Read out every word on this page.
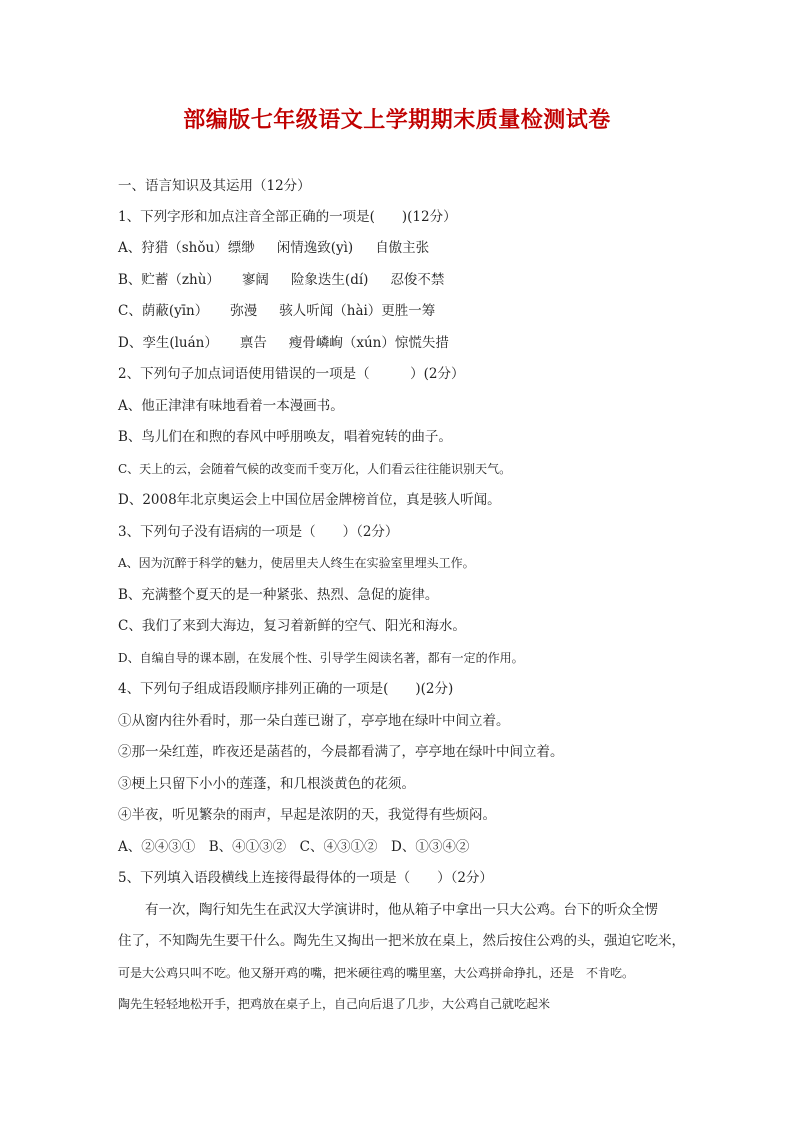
部编版七年级语文上学期期末质量检测试卷
一、语言知识及其运用（12分）
1、下列字形和加点注音全部正确的一项是(　　)(12分）
A、狩猎（shǒu）缥缈 闲情逸致(yì) 自傲主张
B、贮蓄（zhù） 寥阔 险象迭生(dí) 忍俊不禁
C、荫蔽(yīn） 弥漫 骇人听闻（hài）更胜一筹
D、孪生(luán） 禀告 瘦骨嶙峋（xún）惊慌失措
2、下列句子加点词语使用错误的一项是（　　　）(2分）
A、他正津津有味地看着一本漫画书。
B、鸟儿们在和煦的春风中呼朋唤友，唱着宛转的曲子。
C、天上的云，会随着气候的改变而千变万化，人们看云往往能识别天气。
D、2008年北京奥运会上中国位居金牌榜首位，真是骇人听闻。
3、下列句子没有语病的一项是（　　）（2分）
A、因为沉醉于科学的魅力，使居里夫人终生在实验室里埋头工作。
B、充满整个夏天的是一种紧张、热烈、急促的旋律。
C、我们了来到大海边，复习着新鲜的空气、阳光和海水。
D、自编自导的课本剧，在发展个性、引导学生阅读名著，都有一定的作用。
4、下列句子组成语段顺序排列正确的一项是(　　)(2分)
①从窗内往外看时，那一朵白莲已谢了，亭亭地在绿叶中间立着。
②那一朵红莲，昨夜还是菡萏的，今晨都看满了，亭亭地在绿叶中间立着。
③梗上只留下小小的莲蓬，和几根淡黄色的花须。
④半夜，听见繁杂的雨声，早起是浓阴的天，我觉得有些烦闷。
A、②④③①　B、④①③②　C、④③①②　D、①③④②
5、下列填入语段横线上连接得最得体的一项是（　　）（2分）
有一次，陶行知先生在武汉大学演讲时，他从箱子中拿出一只大公鸡。台下的听众全愣
住了，不知陶先生要干什么。陶先生又掏出一把米放在桌上，然后按住公鸡的头，强迫它吃米，
可是大公鸡只叫不吃。他又掰开鸡的嘴，把米硬往鸡的嘴里塞，大公鸡拼命挣扎，还是　不肯吃。
陶先生轻轻地松开手，把鸡放在桌子上，自己向后退了几步，大公鸡自己就吃起米
